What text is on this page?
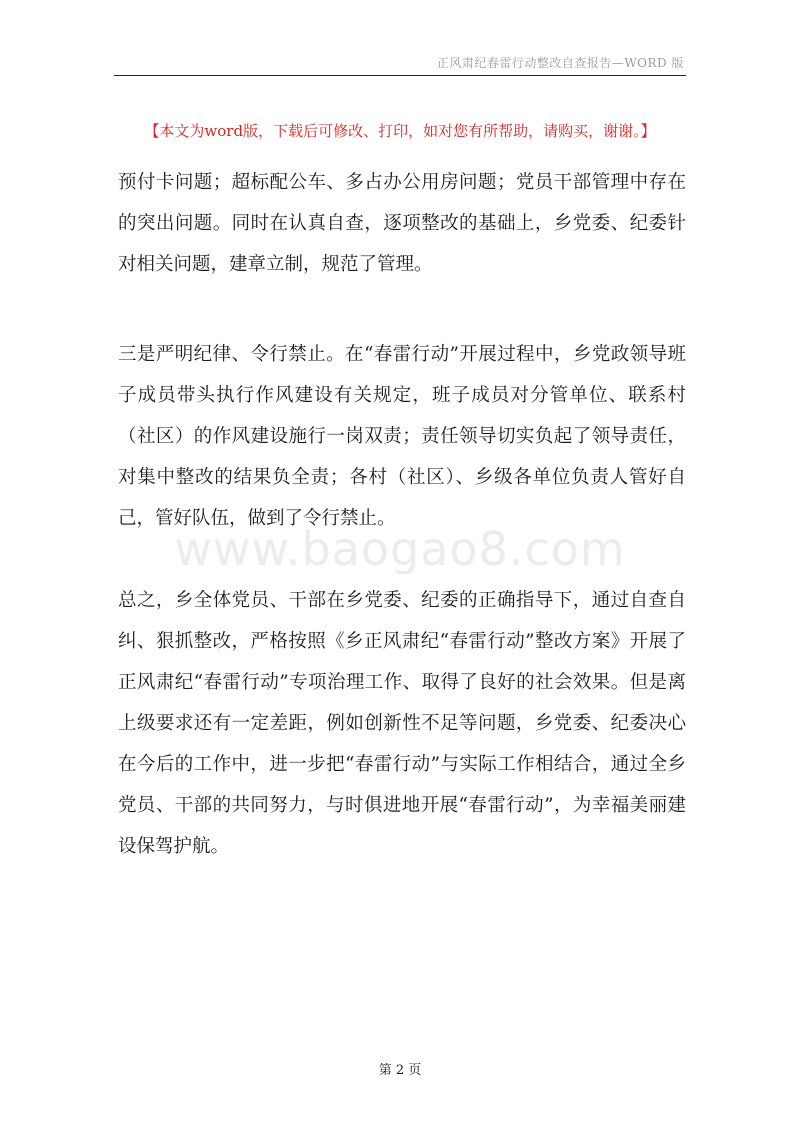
正风肃纪春雷行动整改自查报告—WORD 版
【本文为word版，下载后可修改、打印，如对您有所帮助，请购买，谢谢。】
www.baogao8.com

预付卡问题；超标配公车、多占办公用房问题；党员干部管理中存在的突出问题。同时在认真自查，逐项整改的基础上，乡党委、纪委针对相关问题，建章立制，规范了管理。

三是严明纪律、令行禁止。在“春雷行动”开展过程中，乡党政领导班子成员带头执行作风建设有关规定，班子成员对分管单位、联系村（社区）的作风建设施行一岗双责；责任领导切实负起了领导责任，对集中整改的结果负全责；各村（社区）、乡级各单位负责人管好自己，管好队伍，做到了令行禁止。

总之，乡全体党员、干部在乡党委、纪委的正确指导下，通过自查自纠、狠抓整改，严格按照《乡正风肃纪“春雷行动”整改方案》开展了正风肃纪“春雷行动”专项治理工作、取得了良好的社会效果。但是离上级要求还有一定差距，例如创新性不足等问题，乡党委、纪委决心在今后的工作中，进一步把“春雷行动”与实际工作相结合，通过全乡党员、干部的共同努力，与时俱进地开展“春雷行动”，为幸福美丽建设保驾护航。

第 2 页
